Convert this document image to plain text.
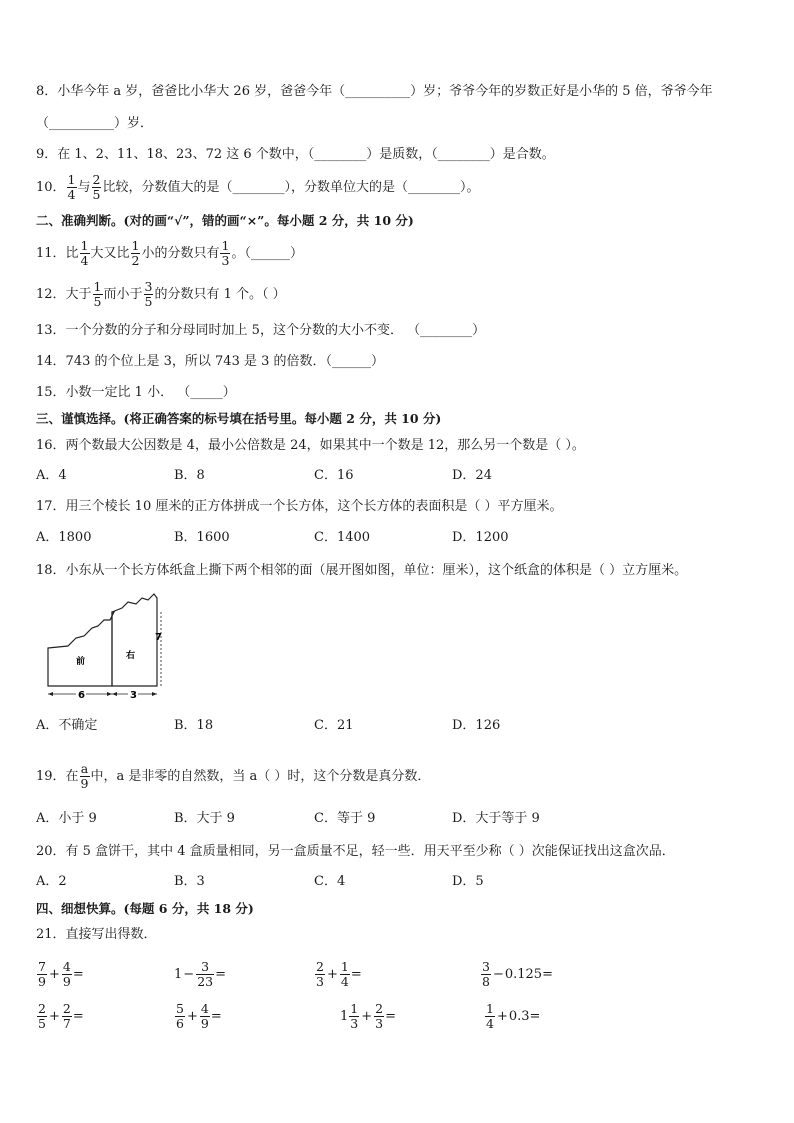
8．小华今年 a 岁，爸爸比小华大 26 岁，爸爸今年（__________）岁；爷爷今年的岁数正好是小华的 5 倍，爷爷今年
（__________）岁．
9．在 1、2、11、18、23、72 这 6 个数中，（________）是质数，（________）是合数。
10． $\frac{1}{4}$ 与 $\frac{2}{5}$ 比较，分数值大的是（________），分数单位大的是（________）。
二、准确判断。(对的画“√”，错的画“×”。每小题 2 分，共 10 分)
11．比 $\frac{1}{4}$ 大又比 $\frac{1}{2}$ 小的分数只有 $\frac{1}{3}$ 。（______）
12．大于 $\frac{1}{5}$ 而小于 $\frac{3}{5}$ 的分数只有 1 个。（ ）
13．一个分数的分子和分母同时加上 5，这个分数的大小不变． （________）
14．743 的个位上是 3，所以 743 是 3 的倍数．（______）
15．小数一定比 1 小． （_____）
三、谨慎选择。(将正确答案的标号填在括号里。每小题 2 分，共 10 分)
16．两个数最大公因数是 4，最小公倍数是 24，如果其中一个数是 12，那么另一个数是（ ）。
A．4	B．8	C．16	D．24
17．用三个棱长 10 厘米的正方体拼成一个长方体，这个长方体的表面积是（ ）平方厘米。
A．1800	B．1600	C．1400	D．1200
18．小东从一个长方体纸盒上撕下两个相邻的面（展开图如图，单位：厘米），这个纸盒的体积是（ ）立方厘米。
前
右
7
6	3
A．不确定	B．18	C．21	D．126
19．在 $\frac{a}{9}$ 中，a 是非零的自然数，当 a（ ）时，这个分数是真分数．
A．小于 9	B．大于 9	C．等于 9	D．大于等于 9
20．有 5 盒饼干，其中 4 盒质量相同，另一盒质量不足，轻一些．用天平至少称（ ）次能保证找出这盒次品．
A．2	B．3	C．4	D．5
四、细想快算。(每题 6 分，共 18 分)
21．直接写出得数．
$\frac{7}{9} + \frac{4}{9}$ =	$1- \frac{3}{23}$ =	$\frac{2}{3} + \frac{1}{4}$ =	$\frac{3}{8} -0.125=$
$\frac{2}{5} + \frac{2}{7}$ =	$\frac{5}{6} + \frac{4}{9}$ =	$1 \frac{1}{3} + \frac{2}{3}$ =	$\frac{1}{4} +0.3=$
